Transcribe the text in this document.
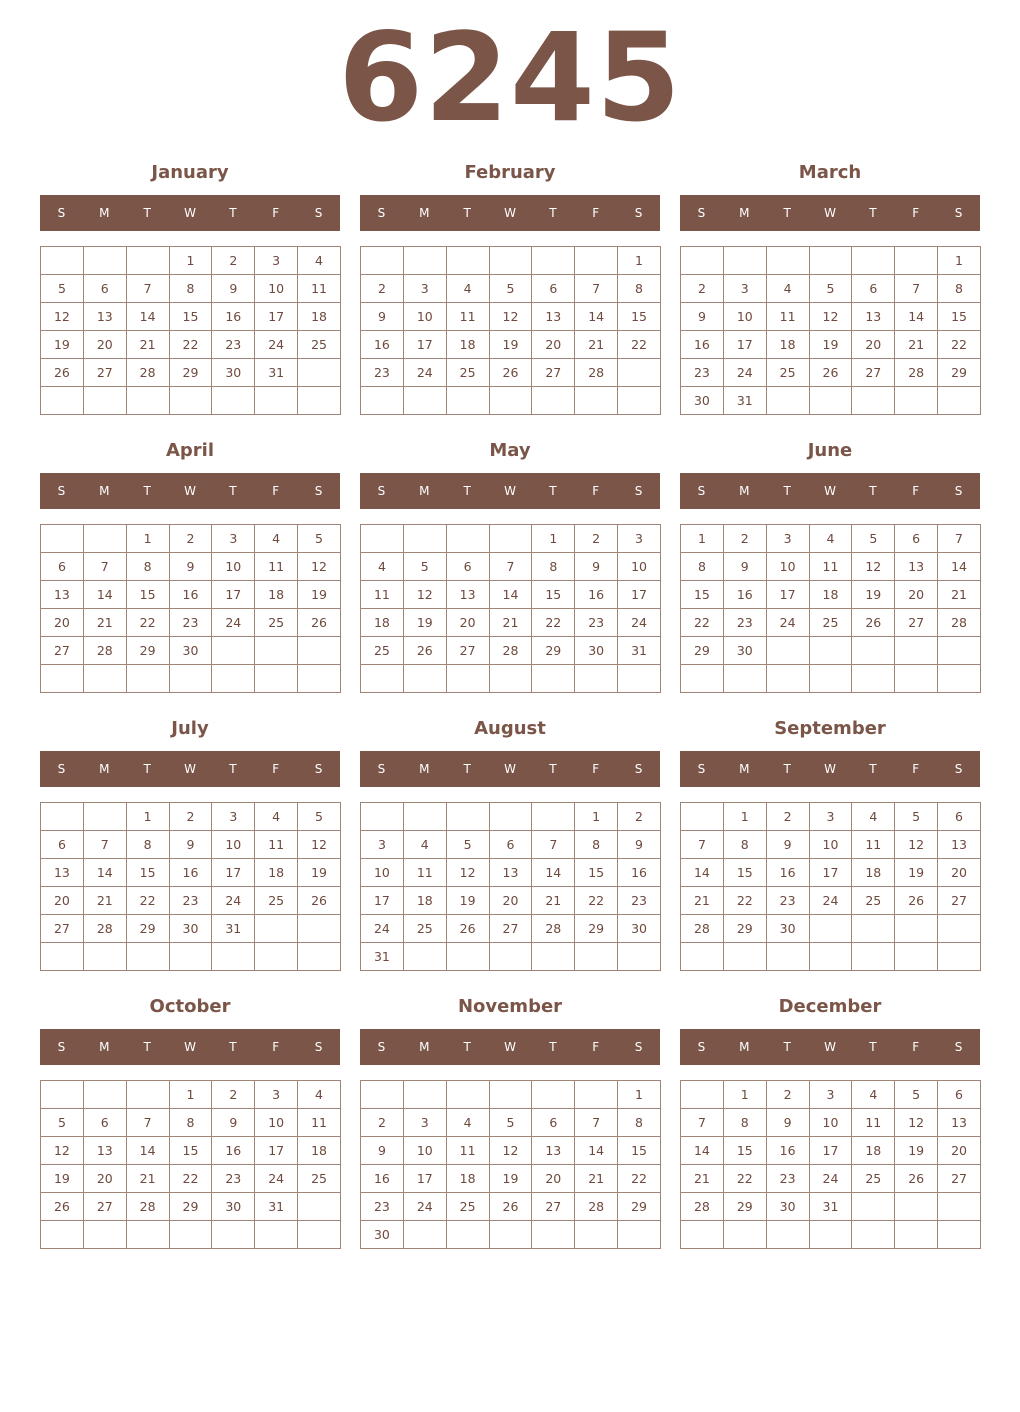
6245
January
S	M	T	W	T	F	S
			1	2	3	4
5	6	7	8	9	10	11
12	13	14	15	16	17	18
19	20	21	22	23	24	25
26	27	28	29	30	31	

February
S	M	T	W	T	F	S
						1
2	3	4	5	6	7	8
9	10	11	12	13	14	15
16	17	18	19	20	21	22
23	24	25	26	27	28	

March
S	M	T	W	T	F	S
						1
2	3	4	5	6	7	8
9	10	11	12	13	14	15
16	17	18	19	20	21	22
23	24	25	26	27	28	29
30	31					
April
S	M	T	W	T	F	S
		1	2	3	4	5
6	7	8	9	10	11	12
13	14	15	16	17	18	19
20	21	22	23	24	25	26
27	28	29	30			

May
S	M	T	W	T	F	S
				1	2	3
4	5	6	7	8	9	10
11	12	13	14	15	16	17
18	19	20	21	22	23	24
25	26	27	28	29	30	31

June
S	M	T	W	T	F	S
1	2	3	4	5	6	7
8	9	10	11	12	13	14
15	16	17	18	19	20	21
22	23	24	25	26	27	28
29	30					

July
S	M	T	W	T	F	S
		1	2	3	4	5
6	7	8	9	10	11	12
13	14	15	16	17	18	19
20	21	22	23	24	25	26
27	28	29	30	31		

August
S	M	T	W	T	F	S
					1	2
3	4	5	6	7	8	9
10	11	12	13	14	15	16
17	18	19	20	21	22	23
24	25	26	27	28	29	30
31						
September
S	M	T	W	T	F	S
	1	2	3	4	5	6
7	8	9	10	11	12	13
14	15	16	17	18	19	20
21	22	23	24	25	26	27
28	29	30				

October
S	M	T	W	T	F	S
			1	2	3	4
5	6	7	8	9	10	11
12	13	14	15	16	17	18
19	20	21	22	23	24	25
26	27	28	29	30	31	

November
S	M	T	W	T	F	S
						1
2	3	4	5	6	7	8
9	10	11	12	13	14	15
16	17	18	19	20	21	22
23	24	25	26	27	28	29
30						
December
S	M	T	W	T	F	S
	1	2	3	4	5	6
7	8	9	10	11	12	13
14	15	16	17	18	19	20
21	22	23	24	25	26	27
28	29	30	31			
